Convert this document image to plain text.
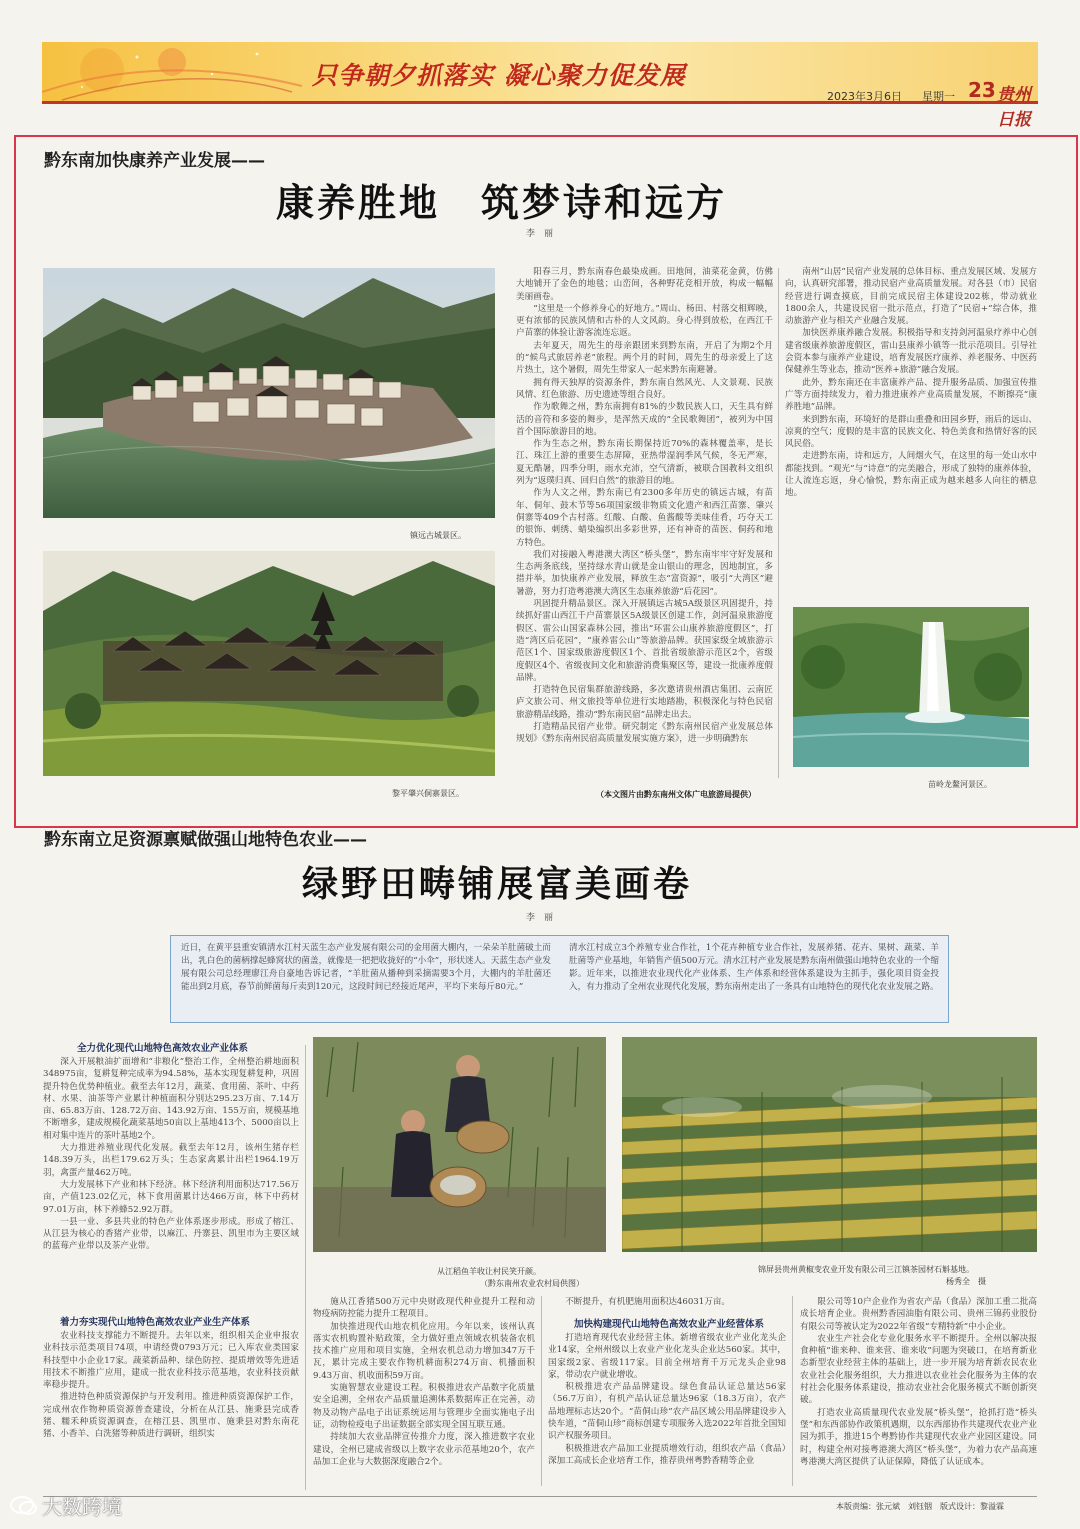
只争朝夕抓落实 凝心聚力促发展
2023年3月6日 星期一 23 贵州日报
黔东南加快康养产业发展——
康养胜地　筑梦诗和远方
李　丽
镇远古城景区。
黎平肇兴侗寨景区。

阳春三月，黔东南春色最染成画。田地间，油菜花金黄，仿佛大地铺开了金色的地毯；山峦间，各种野花竞相开放，构成一幅幅美丽画卷。

“这里是一个修养身心的好地方。”周山、杨田、村落交相辉映，更有浓郁的民族风情和古朴的人文风韵。身心得到放松，在西江千户苗寨的体验让游客流连忘返。

去年夏天，周先生的母亲跟团来到黔东南，开启了为期2个月的“候鸟式旅居养老”旅程。两个月的时间，周先生的母亲爱上了这片热土，这个暑假，周先生带家人一起来黔东南避暑。

拥有得天独厚的资源条件，黔东南自然风光、人文景观、民族风情、红色旅游、历史遗迹等组合良好。

作为歌舞之州，黔东南拥有81%的少数民族人口，天生具有鲜活的音符和多姿的舞步，是浑然天成的“全民歌舞团”，被列为中国首个国际旅游目的地。

作为生态之州，黔东南长期保持近70%的森林覆盖率，是长江、珠江上游的重要生态屏障，亚热带湿润季风气候，冬无严寒，夏无酷暑，四季分明，雨水充沛，空气清新，被联合国教科文组织列为“返璞归真、回归自然”的旅游目的地。

作为人文之州，黔东南已有2300多年历史的镇远古城，有苗年、侗年、鼓木节等56项国家级非物质文化遗产和西江苗寨、肇兴侗寨等409个古村落。红酸、白酸、鱼酱酸等美味佳肴，巧夺天工的银饰、刺绣、蜡染编织出多彩世界，还有神奇的苗医、侗药和地方特色。

我们对接融入粤港澳大湾区“桥头堡”，黔东南牢牢守好发展和生态两条底线，坚持绿水青山就是金山银山的理念，因地制宜，多措并举，加快康养产业发展，释放生态“富资源”，吸引“大湾区”避暑游，努力打造粤港澳大湾区生态康养旅游“后花园”。

巩固提升精品景区。深入开展镇远古城5A级景区巩固提升，持续抓好雷山西江千户苗寨景区5A级景区创建工作，剑河温泉旅游度假区、雷公山国家森林公园，推出“环雷公山康养旅游度假区”，打造“湾区后花园”，“康养雷公山”等旅游品牌。获国家级全域旅游示范区1个、国家级旅游度假区1个、首批省级旅游示范区2个，省级度假区4个、省级夜间文化和旅游消费集聚区等，建设一批康养度假品牌。

打造特色民宿集群旅游线路，多次邀请贵州酒店集团、云南匠庐文旅公司、州文旅投等单位进行实地踏勘，积极深化与特色民宿旅游精品线路，推动“黔东南民宿”品牌走出去。

打造精品民宿产业带。研究制定《黔东南州民宿产业发展总体规划》《黔东南州民宿高质量发展实施方案》，进一步明确黔东

南州“山居”民宿产业发展的总体目标、重点发展区域、发展方向，认真研究部署，推动民宿产业高质量发展。对各县（市）民宿经营进行调查摸底，目前完成民宿主体建设202栋，带动就业1800余人，共建设民宿一批示范点，打造了“民宿+”综合体，推动旅游产业与相关产业融合发展。

加快医养康养融合发展。积极指导和支持剑河温泉疗养中心创建省级康养旅游度假区，雷山县康养小镇等一批示范项目。引导社会资本参与康养产业建设，培育发展医疗康养、养老服务、中医药保健养生等业态，推动“医养+旅游”融合发展。

此外，黔东南还在丰富康养产品、提升服务品质、加强宣传推广等方面持续发力，着力推进康养产业高质量发展，不断擦亮“康养胜地”品牌。

来到黔东南，环境好的是群山重叠和田园乡野，雨后的远山、凉爽的空气；度假的是丰富的民族文化、特色美食和热情好客的民风民俗。

走进黔东南，诗和远方，人间烟火气，在这里的每一处山水中都能找到。“观光”与“诗意”的完美融合，形成了独特的康养体验，让人流连忘返，身心愉悦，黔东南正成为越来越多人向往的栖息地。

苗岭龙鳌河景区。
（本文图片由黔东南州文体广电旅游局提供）
黔东南立足资源禀赋做强山地特色农业——
绿野田畴铺展富美画卷
李　丽
近日，在黄平县重安镇清水江村天蓝生态产业发展有限公司的金用菌大棚内，一朵朵羊肚菌破土而出，乳白色的菌柄撑起蜂窝状的菌盖，就像是一把把收拢好的“小伞”，形状迷人。天蓝生态产业发展有限公司总经理廖江舟自豪地告诉记者，“羊肚菌从播种到采摘需要3个月，大棚内的羊肚菌还能出到2月底，春节前鲜菌每斤卖到120元，这段时间已经接近尾声，平均下来每斤80元。”
清水江村成立3个养殖专业合作社，1个花卉种植专业合作社，发展养猪、花卉、果树、蔬菜、羊肚菌等产业基地，年销售产值500万元。清水江村产业发展是黔东南州做强山地特色农业的一个缩影。近年来，以推进农业现代化产业体系、生产体系和经营体系建设为主抓手，强化项目资金投入，有力推动了全州农业现代化发展，黔东南州走出了一条具有山地特色的现代化农业发展之路。
全力优化现代山地特色高效农业产业体系

深入开展粮油扩面增和“非粮化”整治工作，全州整治耕地面积348975亩，复耕复种完成率为94.58%，基本实现复耕复种，巩固提升特色优势种植业。截至去年12月，蔬菜、食用菌、茶叶、中药材、水果、油茶等产业累计种植面积分别达295.23万亩、7.14万亩、65.83万亩、128.72万亩、143.92万亩、155万亩，规模基地不断增多，建成规模化蔬菜基地50亩以上基地413个、5000亩以上相对集中连片的茶叶基地2个。

大力推进养殖业现代化发展。截至去年12月，该州生猪存栏148.39万头，出栏179.62万头；生态家禽累计出栏1964.19万羽，禽蛋产量462万吨。

大力发展林下产业和林下经济。林下经济利用面积达717.56万亩，产值123.02亿元，林下食用菌累计达466万亩，林下中药材97.01万亩，林下养蜂52.92万群。

一县一业、多县共业的特色产业体系逐步形成。形成了榕江、从江县为核心的香猪产业带，以麻江、丹寨县、凯里市为主要区域的蓝莓产业带以及茶产业带。

着力夯实现代山地特色高效农业产业生产体系

农业科技支撑能力不断提升。去年以来，组织相关企业申报农业科技示范类项目74项，申请经费0793万元；已入库农业类国家科技型中小企业17家。蔬菜新品种、绿色防控、提质增效等先进适用技术不断推广应用，建成一批农业科技示范基地，农业科技贡献率稳步提升。

推进特色种质资源保护与开发利用。推进种质资源保护工作，完成州农作物种质资源普查建设，分析在从江县、施秉县完成香猪、糯禾种质资源调查，在榕江县、凯里市、施秉县对黔东南花猪、小香羊、白洗猪等种质进行调研，组织实

从江稻鱼羊收让村民笑开颜。
（黔东南州农业农村局供图）
锦屏县贵州黄椒变农业开发有限公司三江镇茶园材石斛基地。
杨秀全　摄

施从江香猪500万元中央财政现代种业提升工程和动物疫病防控能力提升工程项目。

加快推进现代山地农机化应用。今年以来，该州认真落实农机购置补贴政策，全力做好重点领域农机装备农机技术推广应用和项目实施，全州农机总动力增加347万千瓦，累计完成主要农作物机耕面积274万亩、机播面积9.43万亩、机收面积59万亩。

实施智慧农业建设工程。积极推进农产品数字化质量安全追溯，全州农产品质量追溯体系数据库正在完善，动物及动物产品电子出证系统运用与管理步全面实施电子出证，动物检疫电子出证数据全部实现全国互联互通。

持续加大农业品牌宣传推介力度，深入推进数字农业建设，全州已建成省级以上数字农业示范基地20个，农产品加工企业与大数据深度融合2个。

不断提升，有机肥施用面积达46031万亩。

加快构建现代山地特色高效农业产业经营体系

打造培育现代农业经营主体。新增省级农业产业化龙头企业14家，全州州级以上农业产业化龙头企业达560家。其中，国家级2家、省级117家。目前全州培育千万元龙头企业98家，带动农户就业增收。

积极推进农产品品牌建设。绿色食品认证总量达56家（56.7万亩），有机产品认证总量达96家（18.3万亩），农产品地理标志达20个。“苗侗山珍”农产品区域公用品牌建设步入快车道，“苗侗山珍”商标创建专项服务入选2022年首批全国知识产权服务项目。

积极推进农产品加工业提质增效行动，组织农产品（食品）深加工高成长企业培育工作，推荐贵州粤黔香精等企业

限公司等10户企业作为省农产品（食品）深加工重二批高成长培育企业。贵州黔香园油脂有限公司、贵州三锦药业股份有限公司等被认定为2022年省级“专精特新”中小企业。

农业生产社会化专业化服务水平不断提升。全州以解决报食种植“谁来种、谁来营、谁来收”问题为突破口，在培育新业态新型农业经营主体的基础上，进一步开展为培育新农民农业农业社会化服务组织，大力推进以农业社会化服务为主体的农村社会化服务体系建设，推动农业社会化服务模式不断创新突破。

打造农业高质量现代农业发展“桥头堡”，抢抓打造“桥头堡”和东西部协作政策机遇期，以东西部协作共建现代农业产业园为抓手，推进15个粤黔协作共建现代农业产业园区建设。同时，构建全州对接粤港澳大湾区“桥头堡”，为着力农产品高速粤港澳大湾区提供了认证保障，降低了认证成本。

本版责编：张元斌　刘钰铟　版式设计：黎溢霖
大数跨境
